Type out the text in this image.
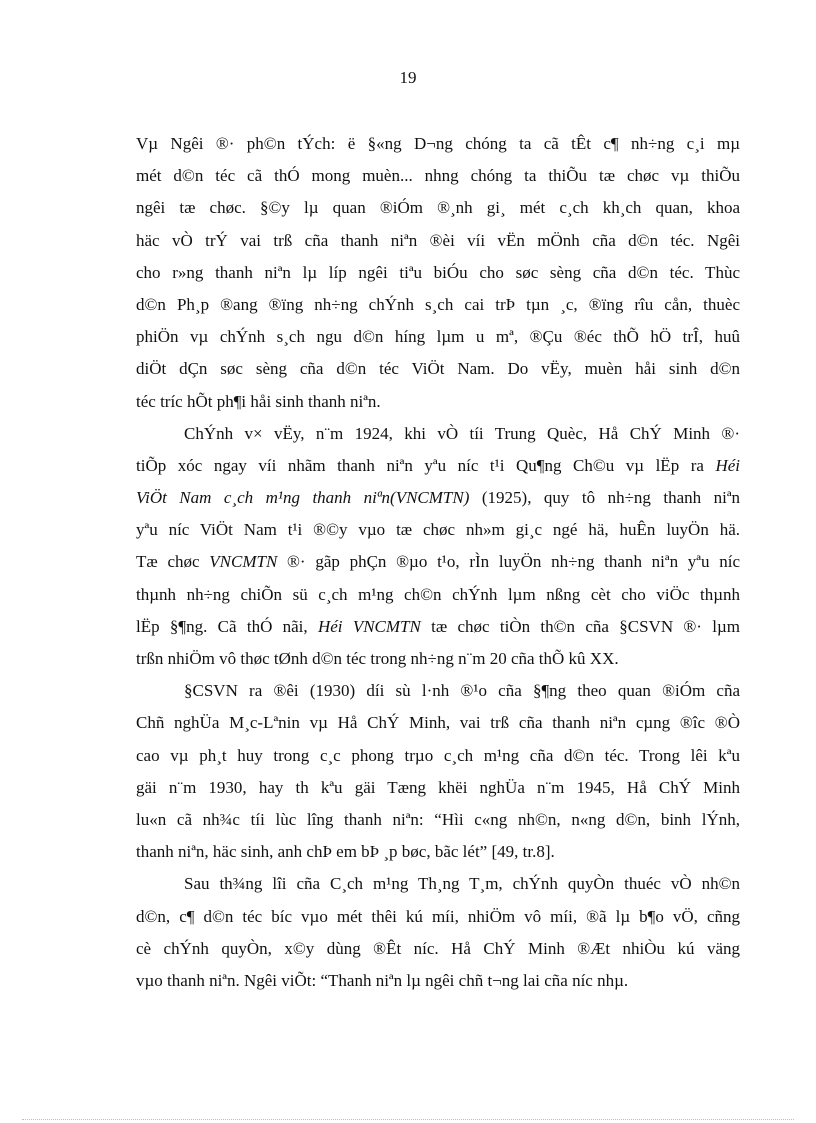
19
Vµ Ngêi ®· ph©n tÝch: ë §«ng D¬ng chóng ta cã tÊt c¶ nh÷ng c¸i mµ
mét d©n téc cã thÓ mong muèn... nhng chóng ta thiÕu tæ chøc vµ thiÕu
ngêi tæ chøc. §©y lµ quan ®iÓm ®¸nh gi¸ mét c¸ch kh¸ch quan, khoa
häc vÒ trÝ vai trß cña thanh niªn ®èi víi vËn mÖnh cña d©n téc. Ngêi
cho r»ng thanh niªn lµ líp ngêi tiªu biÓu cho søc sèng cña d©n téc. Thùc
d©n Ph¸p ®ang ®ïng nh÷ng chÝnh s¸ch cai trÞ tµn ¸c, ®ïng rîu cån, thuèc
phiÖn vµ chÝnh s¸ch ngu d©n híng lµm u mª, ®Çu ®éc thÕ hÖ trÎ, huû
diÖt dÇn søc sèng cña d©n téc ViÖt Nam. Do vËy, muèn håi sinh d©n
téc tríc hÕt ph¶i håi sinh thanh niªn.
ChÝnh v× vËy, n¨m 1924, khi vÒ tíi Trung Quèc, Hå ChÝ Minh ®·
tiÕp xóc ngay víi nhãm thanh niªn yªu níc t¹i Qu¶ng Ch©u vµ lËp ra Héi
ViÖt Nam c¸ch m¹ng thanh niªn(VNCMTN) (1925), quy tô nh÷ng thanh niªn
yªu níc ViÖt Nam t¹i ®©y vµo tæ chøc nh»m gi¸c ngé hä, huÊn luyÖn hä.
Tæ chøc VNCMTN ®· gãp phÇn ®µo t¹o, rÌn luyÖn nh÷ng thanh niªn yªu níc
thµnh nh÷ng chiÕn sü c¸ch m¹ng ch©n chÝnh lµm nßng cèt cho viÖc thµnh
lËp §¶ng. Cã thÓ nãi, Héi VNCMTN tæ chøc tiÒn th©n cña §CSVN ®· lµm
trßn nhiÖm vô thøc tØnh d©n téc trong nh÷ng n¨m 20 cña thÕ kû XX.
§CSVN ra ®êi (1930) díi sù l·nh ®¹o cña §¶ng theo quan ®iÓm cña
Chñ nghÜa M¸c-Lªnin vµ Hå ChÝ Minh, vai trß cña thanh niªn cµng ®îc ®Ò
cao vµ ph¸t huy trong c¸c phong trµo c¸ch m¹ng cña d©n téc. Trong lêi kªu
gäi n¨m 1930, hay th kªu gäi Tæng khëi nghÜa n¨m 1945, Hå ChÝ Minh
lu«n cã nh¾c tíi lùc lîng thanh niªn: “Hìi c«ng nh©n, n«ng d©n, binh lÝnh,
thanh niªn, häc sinh, anh chÞ em bÞ ¸p bøc, bãc lét” [49, tr.8].
Sau th¾ng lîi cña C¸ch m¹ng Th¸ng T¸m, chÝnh quyÒn thuéc vÒ nh©n
d©n, c¶ d©n téc bíc vµo mét thêi kú míi, nhiÖm vô míi, ®ã lµ b¶o vÖ, cñng
cè chÝnh quyÒn, x©y dùng ®Êt níc. Hå ChÝ Minh ®Æt nhiÒu kú väng
vµo thanh niªn. Ngêi viÕt: “Thanh niªn lµ ngêi chñ t¬ng lai cña níc nhµ.
